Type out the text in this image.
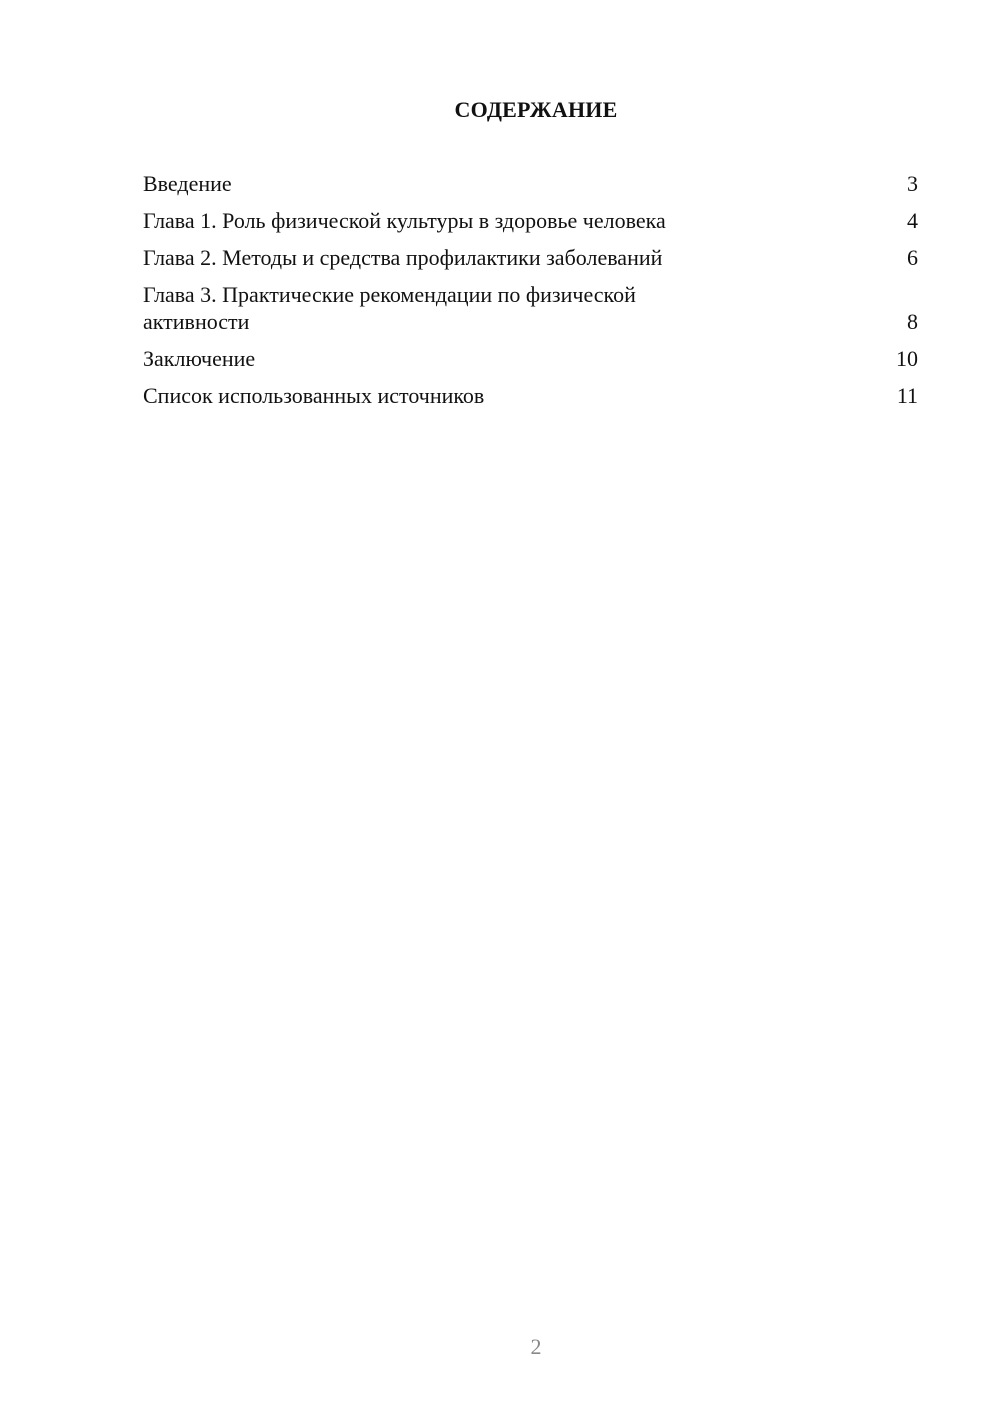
СОДЕРЖАНИЕ
Введение	3
Глава 1. Роль физической культуры в здоровье человека	4
Глава 2. Методы и средства профилактики заболеваний	6
Глава 3. Практические рекомендации по физической активности	8
Заключение	10
Список использованных источников	11
2
